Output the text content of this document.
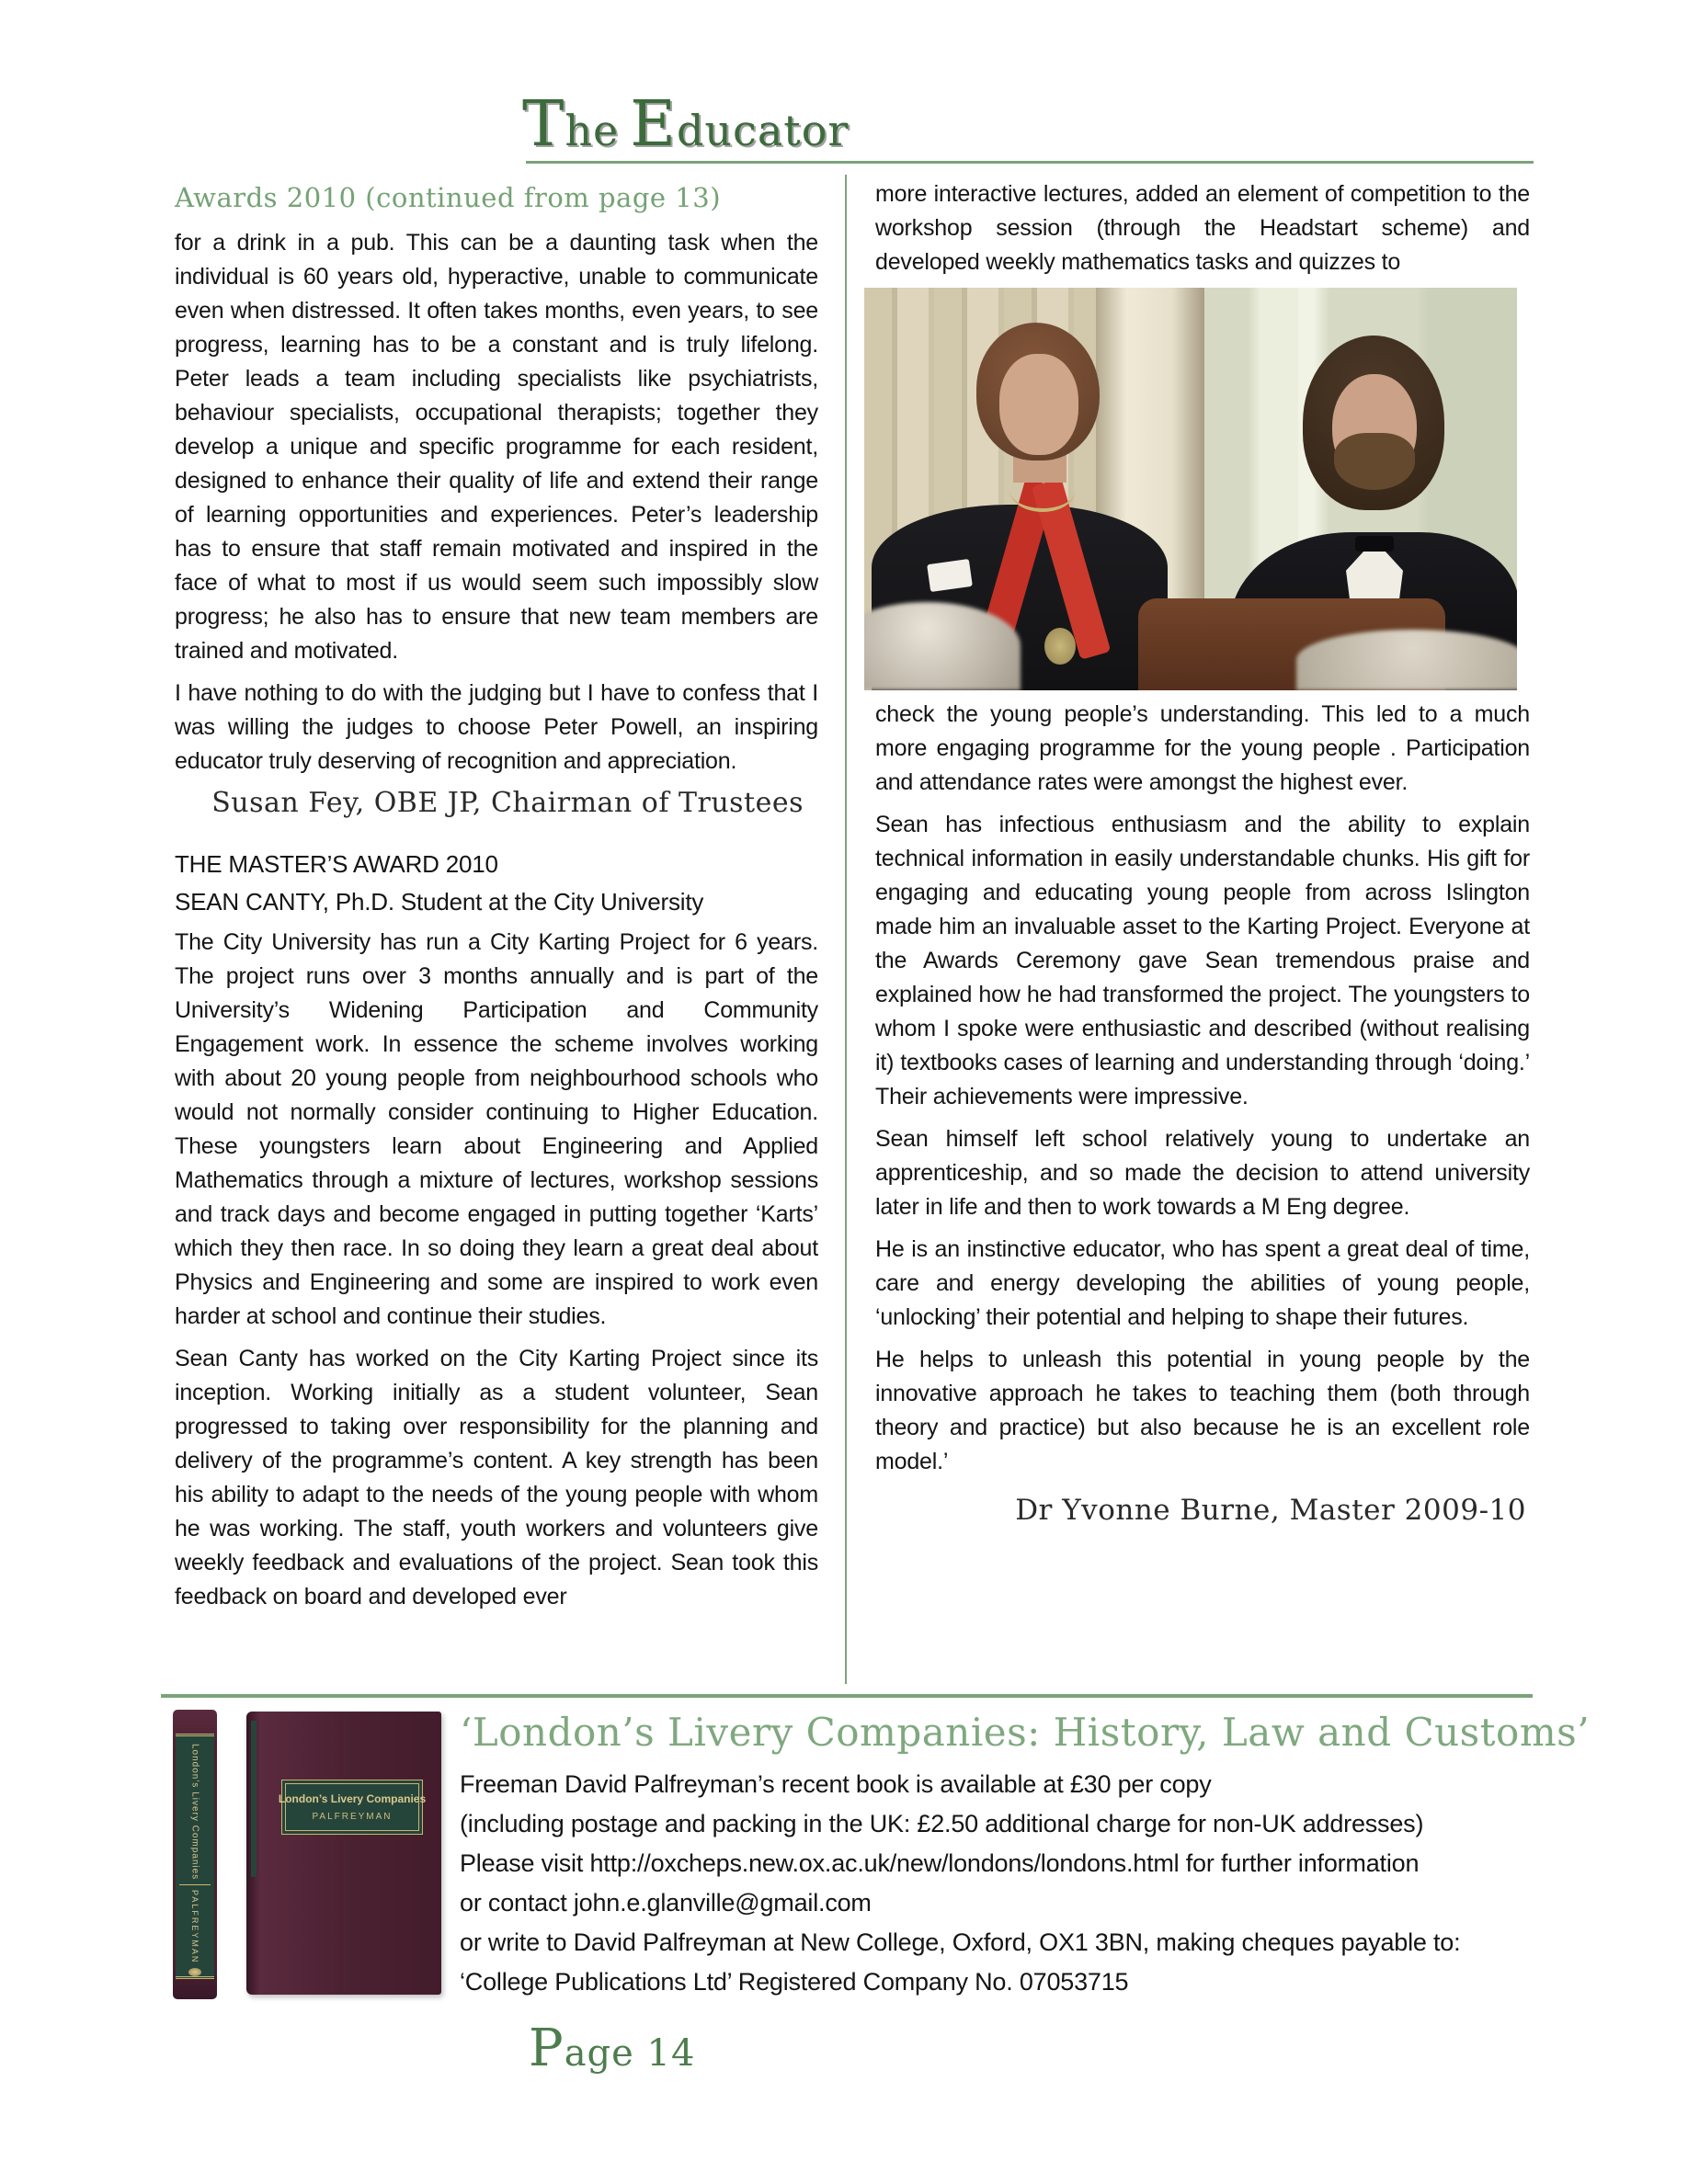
The Educator
Awards 2010 (continued from page 13)

for a drink in a pub. This can be a daunting task when the individual is 60 years old, hyperactive, unable to communicate even when distressed. It often takes months, even years, to see progress, learning has to be a constant and is truly lifelong. Peter leads a team including specialists like psychiatrists, behaviour specialists, occupational therapists; together they develop a unique and specific programme for each resident, designed to enhance their quality of life and extend their range of learning opportunities and experiences. Peter’s leadership has to ensure that staff remain motivated and inspired in the face of what to most if us would seem such impossibly slow progress; he also has to ensure that new team members are trained and motivated.

I have nothing to do with the judging but I have to confess that I was willing the judges to choose Peter Powell, an inspiring educator truly deserving of recognition and appreciation.

Susan Fey, OBE JP, Chairman of Trustees
THE MASTER’S AWARD 2010
SEAN CANTY, Ph.D. Student at the City University

The City University has run a City Karting Project for 6 years. The project runs over 3 months annually and is part of the University’s Widening Participation and Community Engagement work. In essence the scheme involves working with about 20 young people from neighbourhood schools who would not normally consider continuing to Higher Education. These youngsters learn about Engineering and Applied Mathematics through a mixture of lectures, workshop sessions and track days and become engaged in putting together ‘Karts’ which they then race. In so doing they learn a great deal about Physics and Engineering and some are inspired to work even harder at school and continue their studies.

Sean Canty has worked on the City Karting Project since its inception. Working initially as a student volunteer, Sean progressed to taking over responsibility for the planning and delivery of the programme’s content. A key strength has been his ability to adapt to the needs of the young people with whom he was working. The staff, youth workers and volunteers give weekly feedback and evaluations of the project. Sean took this feedback on board and developed ever

more interactive lectures, added an element of competition to the workshop session (through the Headstart scheme) and developed weekly mathematics tasks and quizzes to

check the young people’s understanding. This led to a much more engaging programme for the young people . Participation and attendance rates were amongst the highest ever.

Sean has infectious enthusiasm and the ability to explain technical information in easily understandable chunks. His gift for engaging and educating young people from across Islington made him an invaluable asset to the Karting Project. Everyone at the Awards Ceremony gave Sean tremendous praise and explained how he had transformed the project. The youngsters to whom I spoke were enthusiastic and described (without realising it) textbooks cases of learning and understanding through ‘doing.’ Their achievements were impressive.

Sean himself left school relatively young to undertake an apprenticeship, and so made the decision to attend university later in life and then to work towards a M Eng degree.

He is an instinctive educator, who has spent a great deal of time, care and energy developing the abilities of young people, ‘unlocking’ their potential and helping to shape their futures.

He helps to unleash this potential in young people by the innovative approach he takes to teaching them (both through theory and practice) but also because he is an excellent role model.’

Dr Yvonne Burne, Master 2009-10
London’s Livery Companies
PALFREYMAN
London’s Livery Companies
PALFREYMAN
‘London’s Livery Companies: History, Law and Customs’

Freeman David Palfreyman’s recent book is available at £30 per copy

(including postage and packing in the UK: £2.50 additional charge for non-UK addresses)

Please visit http://oxcheps.new.ox.ac.uk/new/londons/londons.html for further information

or contact john.e.glanville@gmail.com

or write to David Palfreyman at New College, Oxford, OX1 3BN, making cheques payable to:

‘College Publications Ltd’ Registered Company No. 07053715

Page 14
